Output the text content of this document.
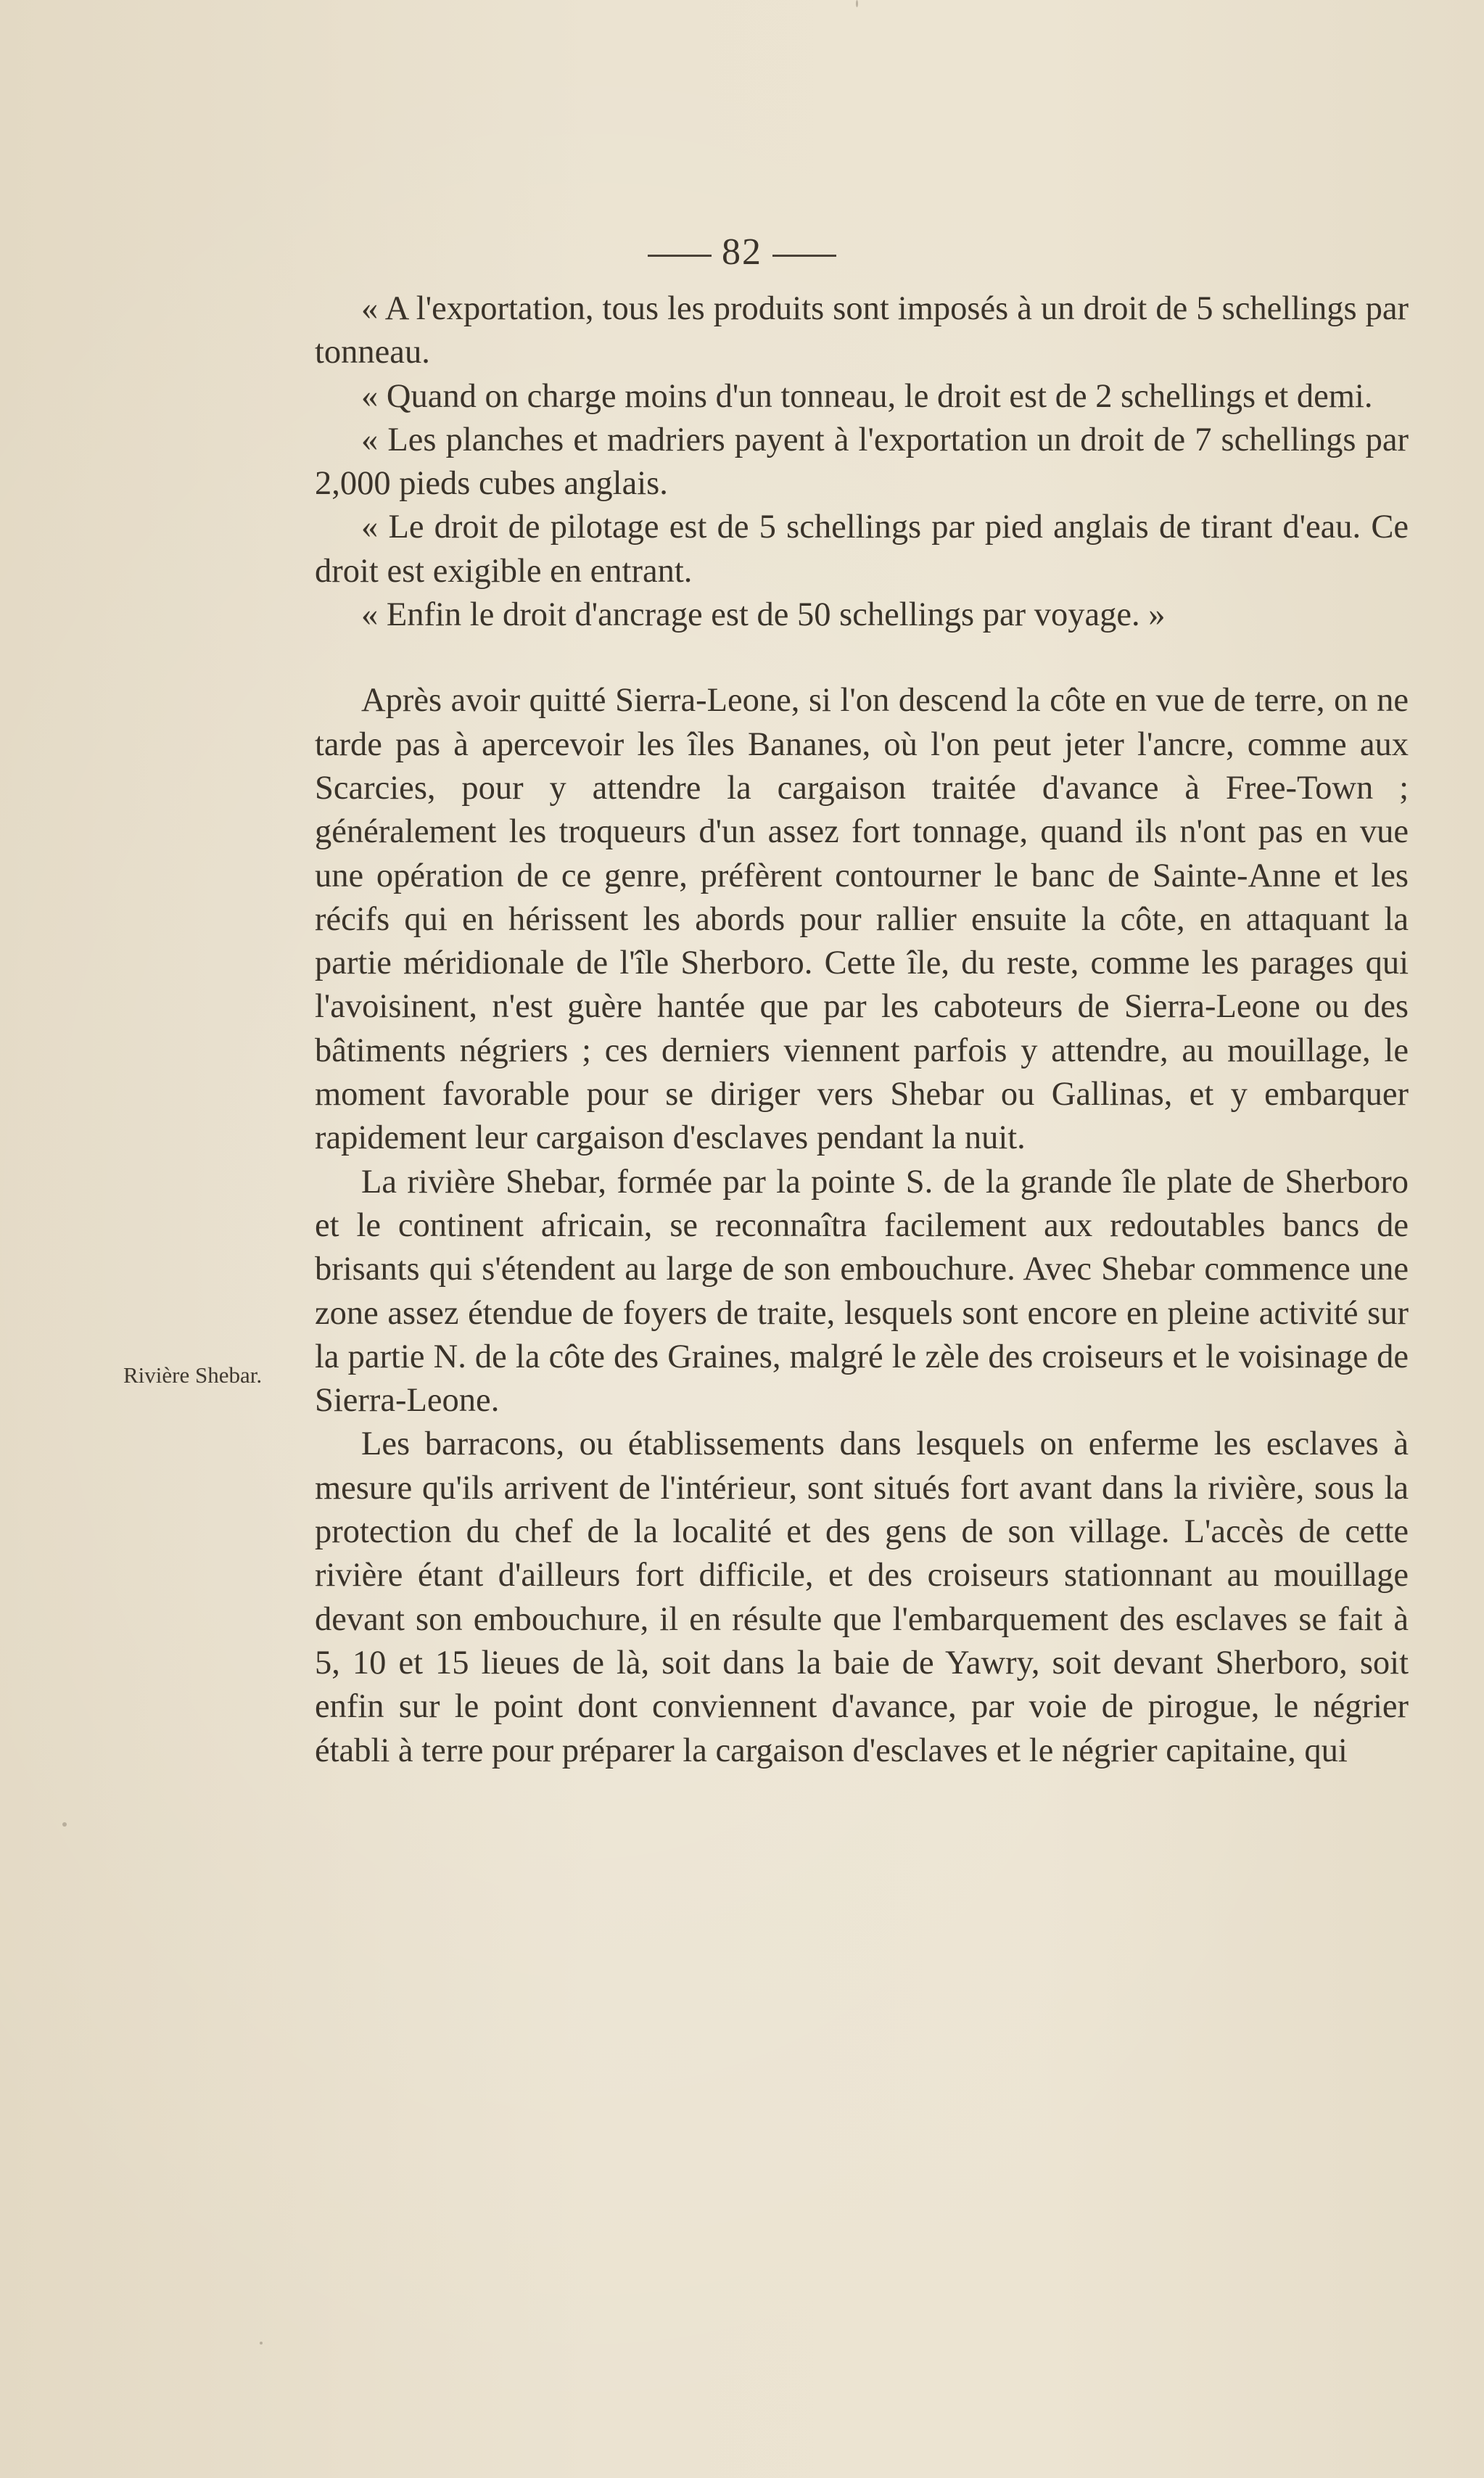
82
Rivière Shebar.

« A l'exportation, tous les produits sont imposés à un droit de 5 schellings par tonneau.

« Quand on charge moins d'un tonneau, le droit est de 2 schellings et demi.

« Les planches et madriers payent à l'exportation un droit de 7 schellings par 2,000 pieds cubes anglais.

« Le droit de pilotage est de 5 schellings par pied anglais de tirant d'eau. Ce droit est exigible en entrant.

« Enfin le droit d'ancrage est de 50 schellings par voyage. »

Après avoir quitté Sierra-Leone, si l'on descend la côte en vue de terre, on ne tarde pas à apercevoir les îles Bananes, où l'on peut jeter l'ancre, comme aux Scarcies, pour y attendre la cargaison traitée d'avance à Free-Town ; généralement les troqueurs d'un assez fort tonnage, quand ils n'ont pas en vue une opération de ce genre, préfèrent contourner le banc de Sainte-Anne et les récifs qui en hérissent les abords pour rallier ensuite la côte, en attaquant la partie méridionale de l'île Sherboro. Cette île, du reste, comme les parages qui l'avoisinent, n'est guère hantée que par les caboteurs de Sierra-Leone ou des bâtiments négriers ; ces derniers viennent parfois y attendre, au mouillage, le moment favorable pour se diriger vers Shebar ou Gallinas, et y embarquer rapidement leur cargaison d'esclaves pendant la nuit.

La rivière Shebar, formée par la pointe S. de la grande île plate de Sherboro et le continent africain, se reconnaîtra facilement aux redoutables bancs de brisants qui s'étendent au large de son embouchure. Avec Shebar commence une zone assez étendue de foyers de traite, lesquels sont encore en pleine activité sur la partie N. de la côte des Graines, malgré le zèle des croiseurs et le voisinage de Sierra-Leone.

Les barracons, ou établissements dans lesquels on enferme les esclaves à mesure qu'ils arrivent de l'intérieur, sont situés fort avant dans la rivière, sous la protection du chef de la localité et des gens de son village. L'accès de cette rivière étant d'ailleurs fort difficile, et des croiseurs stationnant au mouillage devant son embouchure, il en résulte que l'embarquement des esclaves se fait à 5, 10 et 15 lieues de là, soit dans la baie de Yawry, soit devant Sherboro, soit enfin sur le point dont conviennent d'avance, par voie de pirogue, le négrier établi à terre pour préparer la cargaison d'esclaves et le négrier capitaine, qui
